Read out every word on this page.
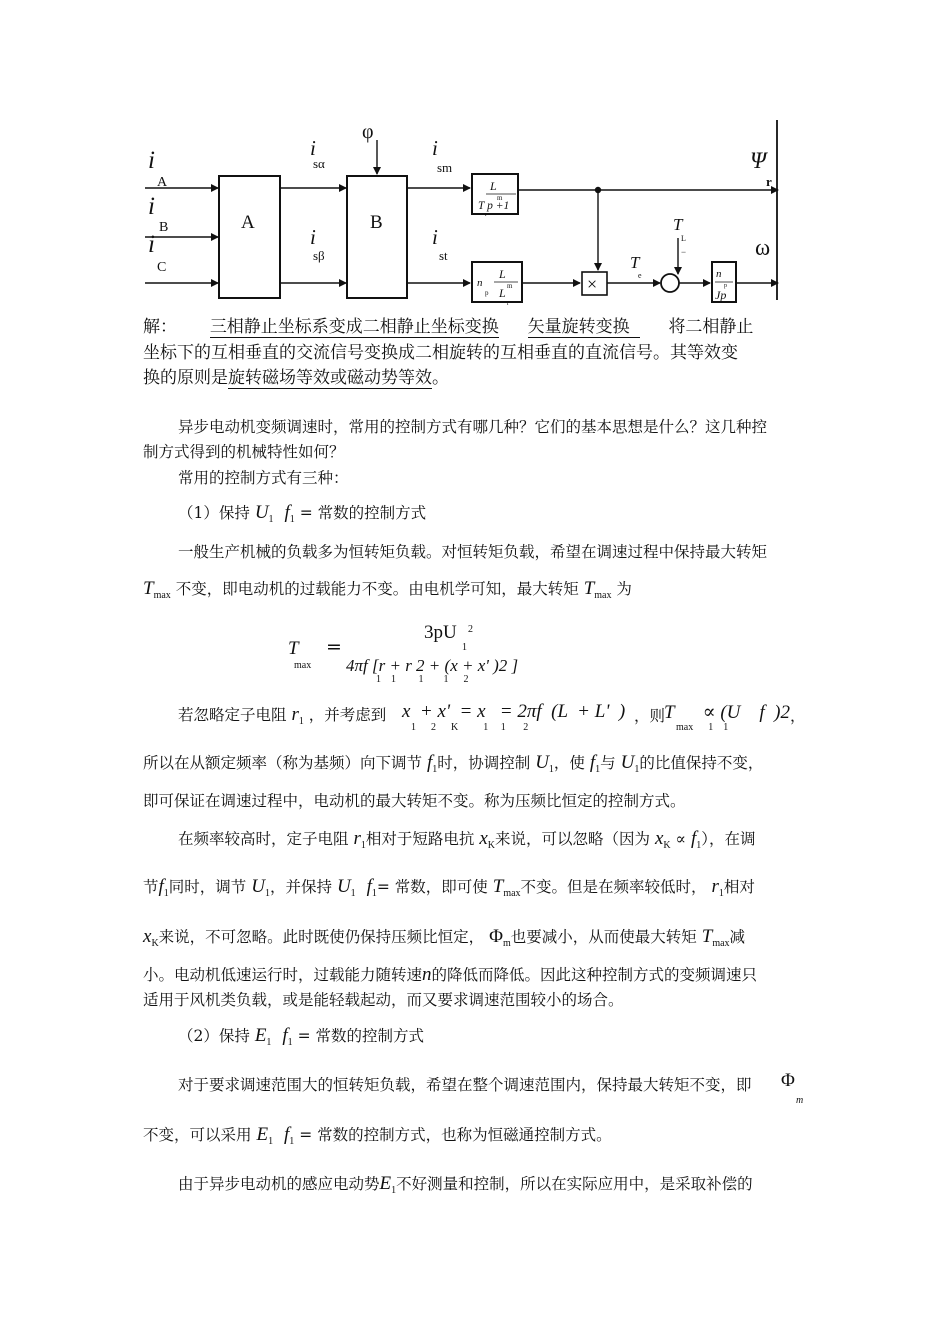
i
A
i
B
i
C
A	B
φ
i
sα
i
sβ
i
sm
i
st
L
m
T p +1
r
n
p
L
m
L
r
×
T
e
T
L
−
n
p
Jp
Ψ
r
ω
解： 三相静止坐标系变成二相静止坐标变换 矢量旋转变换 将二相静止
坐标下的互相垂直的交流信号变换成二相旋转的互相垂直的直流信号。其等效变
换的原则是旋转磁场等效或磁动势等效。
异步电动机变频调速时，常用的控制方式有哪几种？它们的基本思想是什么？这几种控
制方式得到的机械特性如何？
常用的控制方式有三种：
（1）保持 $U_1$ $f_1$ = 常数的控制方式
一般生产机械的负载多为恒转矩负载。对恒转矩负载，希望在调速过程中保持最大转矩
$T_{max}$ 不变，即电动机的过载能力不变。由电机学可知，最大转矩 $T_{max}$ 为
T
max
=
3pU 2
1
4πf [r + r 2 + (x + x' )2 ]
1    1         1        1      2
若忽略定子电阻 $r_1$ ，并考虑到 x  + x'  = x   = 2πf  (L  + L'  )
1      2      K          1     1       2
，则
T      ∝ (U    f  )2
max      1    1
，
所以在从额定频率（称为基频）向下调节 $f_1$时，协调控制 $U_1$，使 $f_1$与 $U_1$的比值保持不变，
即可保证在调速过程中，电动机的最大转矩不变。称为压频比恒定的控制方式。
在频率较高时，定子电阻 $r_1$相对于短路电抗 $x_K$来说，可以忽略（因为 $x_K \propto f_1$），在调
节$f_1$同时，调节 $U_1$，并保持 $U_1$ $f_1=$ 常数，即可使 $T_{max}$不变。但是在频率较低时， $r_1$相对
$x_K$来说，不可忽略。此时既使仍保持压频比恒定， $\Phi_m$也要减小，从而使最大转矩 $T_{max}$减
小。电动机低速运行时，过载能力随转速n的降低而降低。因此这种控制方式的变频调速只
适用于风机类负载，或是能轻载起动，而又要求调速范围较小的场合。
（2）保持 $E_1$ $f_1$ = 常数的控制方式
对于要求调速范围大的恒转矩负载，希望在整个调速范围内，保持最大转矩不变，即 Φ
m
不变，可以采用 $E_1$ $f_1$ = 常数的控制方式，也称为恒磁通控制方式。
由于异步电动机的感应电动势$E_1$不好测量和控制，所以在实际应用中，是采取补偿的
